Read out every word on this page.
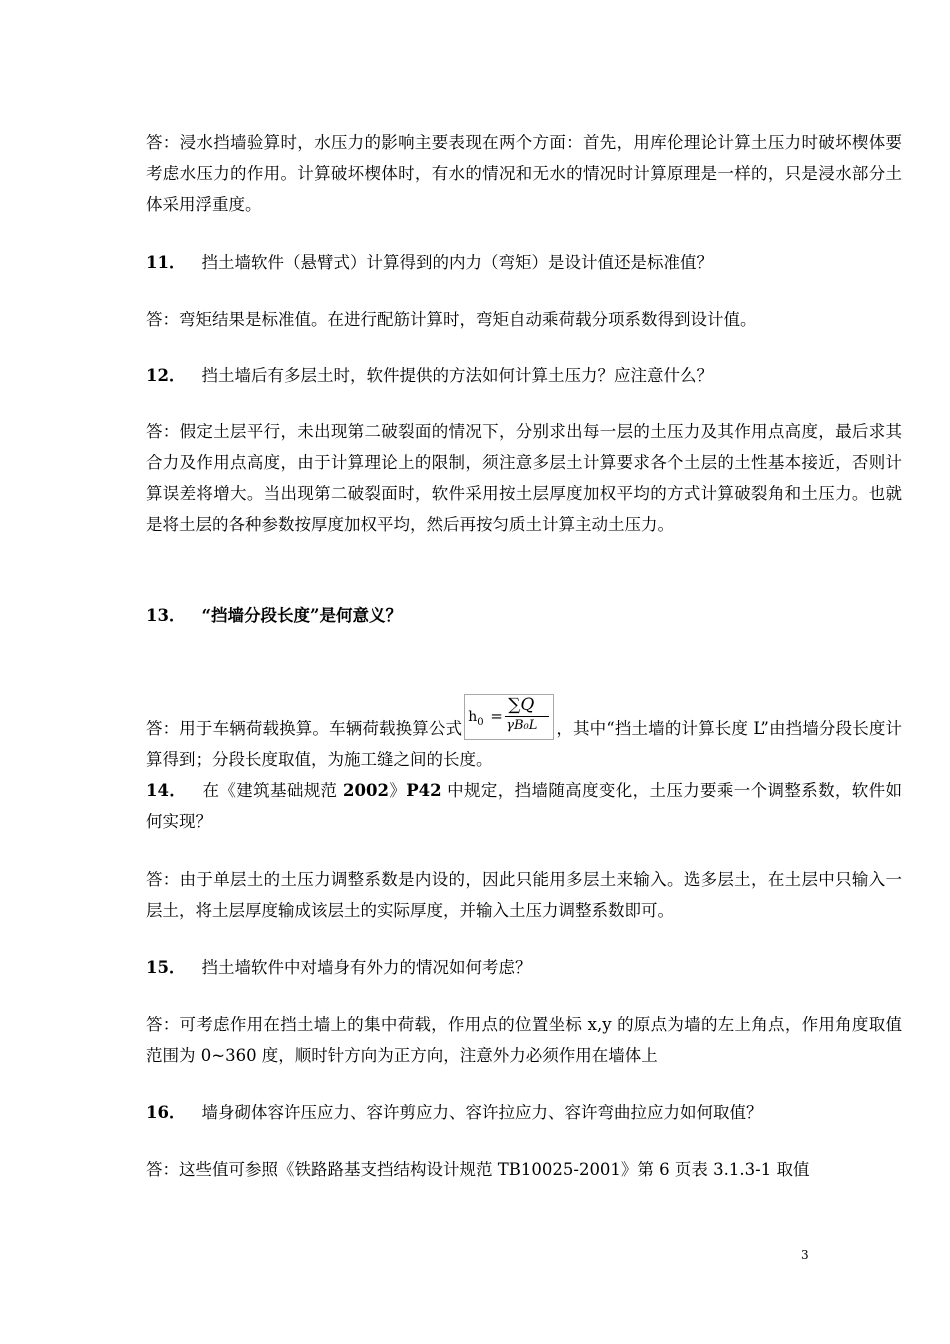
答：浸水挡墙验算时，水压力的影响主要表现在两个方面：首先，用库伦理论计算土压力时破坏楔体要考虑水压力的作用。计算破坏楔体时，有水的情况和无水的情况时计算原理是一样的，只是浸水部分土体采用浮重度。

11． 挡土墙软件（悬臂式）计算得到的内力（弯矩）是设计值还是标准值？

答：弯矩结果是标准值。在进行配筋计算时，弯矩自动乘荷载分项系数得到设计值。

12． 挡土墙后有多层土时，软件提供的方法如何计算土压力？应注意什么？

答：假定土层平行，未出现第二破裂面的情况下，分别求出每一层的土压力及其作用点高度，最后求其合力及作用点高度，由于计算理论上的限制，须注意多层土计算要求各个土层的土性基本接近，否则计算误差将增大。当出现第二破裂面时，软件采用按土层厚度加权平均的方式计算破裂角和土压力。也就是将土层的各种参数按厚度加权平均，然后再按匀质土计算主动土压力。

13． “挡墙分段长度”是何意义？

答：用于车辆荷载换算。车辆荷载换算公式
$h_0$ =
∑Q
γB₀L ，其中“挡土墙的计算长度 L”由挡墙分段长度计算得到；分段长度取值，为施工缝之间的长度。

14． 在《建筑基础规范 2002》P42 中规定，挡墙随高度变化，土压力要乘一个调整系数，软件如何实现？

答：由于单层土的土压力调整系数是内设的，因此只能用多层土来输入。选多层土，在土层中只输入一层土，将土层厚度输成该层土的实际厚度，并输入土压力调整系数即可。

15． 挡土墙软件中对墙身有外力的情况如何考虑？

答：可考虑作用在挡土墙上的集中荷载，作用点的位置坐标 x,y 的原点为墙的左上角点，作用角度取值范围为 0~360 度，顺时针方向为正方向，注意外力必须作用在墙体上

16． 墙身砌体容许压应力、容许剪应力、容许拉应力、容许弯曲拉应力如何取值？

答：这些值可参照《铁路路基支挡结构设计规范 TB10025-2001》第 6 页表 3.1.3-1 取值

3
